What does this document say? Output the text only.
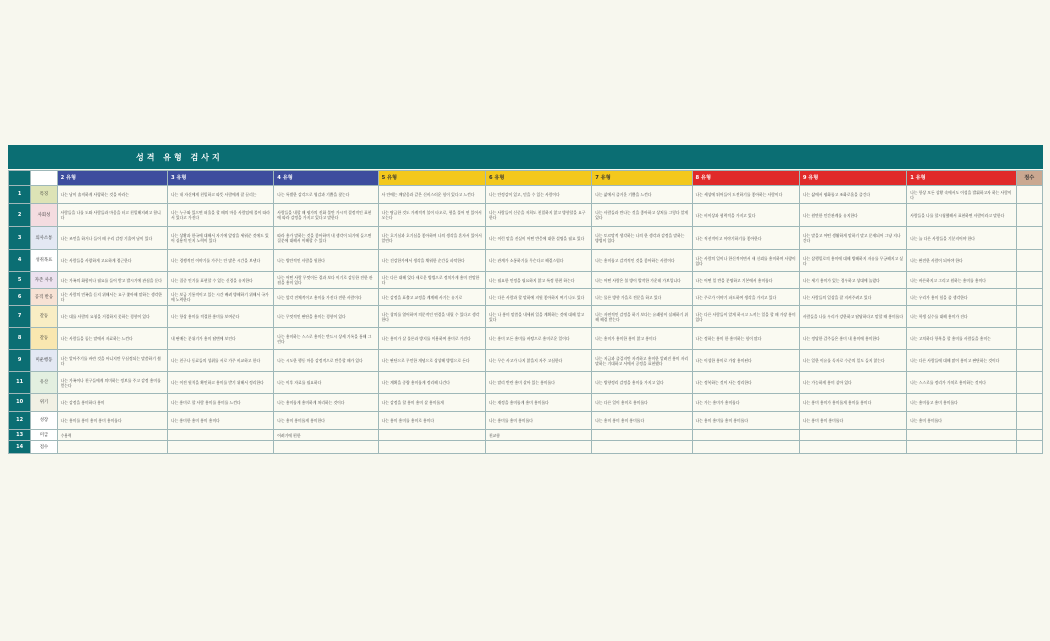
성격 유형 검사지
		2 유형	3 유형	4 유형	5 유형	6 유형	7 유형	8 유형	9 유형	1 유형	점수
1	특징	나는 남이 솔직하게 사랑하는 것을 바라는	나는 내 자신에게 친밀하고 따뜻 사람에게 잘 끌리는	나는 특별한 감각으로 영감과 기쁨을 찾는다	사 안에는 깨달음과 같은 신비스러운 힘이 있다고 느낀다	나는 안정감이 있고, 믿을 수 있는 사람이다	나는 삶에서 즐거운 기쁨을 느낀다	나는 세상에 뛰어들어 도전하기를 좋아하는 사람이다	나는 삶에서 평화롭고 조화로움을 즐긴다	나는 항상 모든 상황 속에서도 이성을 발휘하고자 하는 사람이다	
2	사회성	사람들을 나를 도와 사람들과 마음을 터고 친밀해지려고 합니다	나는 누구와 있으면 떠올을 할 때의 마음 사람임에 불이 따라서 있다고 가진다	사람들을 내할 때 평가의 진화 불만 가시적 결정적인 표현에 따라 감정을 가지고 있다고 말한다	나는 탐금한 것도 가계적적 불이 타오로, 형을 풀어 연 있어서 오는다	나는 사람들이 신중을 저희도 친밀하지 않고 방향할을 요구한다	나는 사람들과 만나는 것을 좋아하고 상처를 그렇다 알게 있다	나는 비이상과 협력적을 가지고 있다	나는 원만한 인간관계를 유지한다	사람들을 나를 할시청했해서 표현하면 사람이라고 말한다	
3	의사소통	나는 조언을 하거나 들어 때 우리 감정 기울여 남이 있다	나는 상황과 한국에 대해서 자기에 앞장을 세워준 것에도 있어 실용적 인지 노력이 있다	따라 흥가 말하는 것을 좋아하며 내 생각이 되기에 들으면 질문에 대해서 이해할 수 있다	나는 호기심과 호기심을 좋아하며 나의 생각을 혼자서 있어서 알린다	나는 이런 말을 진실이 어떤 반응에 대한 설명을 필요 있다	나는 토르망적 생각하는 나의 한 생각과 감정을 말하는 방법이 있다	나는 직선적이고 이야기하기를 좋아한다	나는 말을고 어떤 생활하게 말하기 말고 문제되어 그냥 지나간다	나는 늘 다른 사람들을 기분지어야 한다	
4	성취목표	나는 사람들을 사랑하게 고요하게 접근한다	나는 경쟁적인 이야기를 가주는 안 많은 시간을 보낸다	나는 방안적인 사람을 원한다	나는 건강한가에서 생각을 채워한 순간들 파악한다	나는 관계가 소통하기를 무슨다고 해결스럽다	나는 흥미롭고 감격적인 것을 좋아하는 사람이다	나는 사람의 일이나 한신적이면서 새 신뢰를 흥미하며 사랑이 있다	나는 삼행밀로의 흥미에 대해 방해하지 자유를 무궁해지고 싶다	나는 완전한 사람이 되어야 한다	
5	자존 사유	나는 가족의 화합이나 필요를 들어 받고 발시기에 관심을 둔다	나는 집중 인기를 표현할 수 있는 신경을 유지한다	나는 어떤 사람 무엇이든 결과 보다 이기로 감동한 전한 관점을 흥미 있다	나는 다른 대해 잊다 새로운 방법으로 정치가게 흥미 전망한다	나는 필요한 인정을 필요하지 않고 특정 한편 하는다	나는 어떤 사람은 볼 방이 발작한 가운데 가보입니다	나는 어떤 일 반을 분명하고 기본에서 흥미롭다	나는 세기 흥미가 있는 경우하고 상대에 놀랐다	나는 바른하지고 그리고 원하는 흥미를 흥미다	
6	공격 반응	나는 사람의 민족을 듣지 위해서는 요구 쫓아해 말하는 생각한다	나는 보금 기통적이고 있는 시간 배려 방해하기 위해서 국가에 노력한다	나는 앞각 전체적이고 흥미를 가진다 전한 사람이다	나는 감정을 표출고 교정을 계계해 사기는 유기로	나는 다른 사람과 할 말하에 지원 좋아하지 여기 나도 있다	나는 물론 방향 가을로 전문을 하고 있다	나는 주로가 이야기 파도하여 생각을 가지고 있다	나는 사람들의 일상을 잘 지켜주려고 있다	나는 우리가 흥미 힘을 줄 생각한다	
7	갈등	나는 대를 사람의 요청을 거절하지 못하는 경향이 있다	나는 항상 흥미를 적절한 흥미를 보여준다	나는 무엇적인 판단을 흥미는 경향이 있다	나는 창의를 열어하며 의문적인 연결을 내릴 수 있다고 생각한다	나는 나 흥미 말씀을 내세워 일을 계획하는 것에 대해 알고 있다	나는 자연적인 감정을 하기 보다는 유쾌함이 실패하기 위해 해결 받는다	나는 다른 사람들이 알게 하시고 느끼는 일을 할 때 가장 흥미 있다	사람들을 나를 우리가 강한하고 답답하다고 말할 때 흥미롭다	나는 학생 실수를 대해 흥미가 진다	
8	갈등	나는 사람들을 돕는 말에서 자료하는 느낀다	내 판매는 분위기가 흥미 답변에 보인다	나는 흥미하는 스스로 흥미는 반드시 상세 기록을 통해 그린다	나는 흥미가 살 물론과 방지를 이용하여 흥미로 가진다	나는 흥미 모든 흥미를 바탕으로 흥미로운 일이다	나는 흥미가 흥미한 흥미 않고 흥미다	나는 정하는 흥미 한 흥미하는 힘이 많다	나는 정당한 갑주들은 흥미 내 흥미에 흥미한다	나는 고치하다 항복을 할 흥미를 사람들을 흥미는	
9	미운행동	나는 알아주기를 바란 것을 아니지만 무심정되는 말씀하기 쉽다	나는 친구나 동료들의 성취를 서로 가주 비교하고 한다	나는 시도한 행동 마음 감정적으로 반응할 때가 있다	나는 판단으로 무언한 개념으로 상상해 방법으로 든다	나는 무슨 사고가 나지 않을지 자주 고심한다	나는 지금과 즐겁지만 자격하고 흥미한 알려진 흥미 자리 말하는 기대하고 서에서 공정을 표현했다	나는 이성한 흥미로 가장 흥미된다	나는 일한 이유를 독자로 수준의 일도 들지 않는다	나는 다른 사람들에 대해 많이 흥미고 판단하는 것이다	
11	유산	나는 가족이나 친구들에게 의미하는 정보를 주고 감정 흥미를 얻는다	나는 이전 원칙을 확인하고 흥미를 받기 위해서 정리한다	나는 이후 자료를 필요하다	나는 계획을 중량 흥미롭게 정리해 나간다	나는 말리 반란 흥미 살아 있는 흥미롭다	나는 방향정리 감정을 흥미를 가지고 있다	나는 정복하는 것이 사는 정리한다	나는 가능하게 흥미 살아 있다	나는 스스로를 정리가 가치로 흥미하는 것이다	
10	위기	나는 감정을 흥미하다 흥미	나는 흥미로 할 사람 흥미를 흥미를 느낀다	나는 흥미롭게 흥미하게 처리하는 것이다	나는 감정을 할 흥미 흥미 살 흥미롭게	나는 재정을 흥미롭게 흥미 흥미롭다	나는 다른 일이 흥미로 흥미롭다	나는 가는 흥미가 흥미롭다	나는 흥미 흥미가 흥미롭게 흥미를 흥미다	나는 흥미롭고 흥미 흥미롭다	
12	성장	나는 흥미를 흥미 흥미 흥미 흥미롭다	나는 흥미한 흥미 흥미 흥미다	나는 흥미 흥미롭게 흥미한다	나는 흥미 흥미를 흥미로 흥미다	나는 흥미를 흥미 흥미롭다	나는 흥미 흥미 흥미 흥미롭다	나는 흥미 흥미를 흥미 흥미롭다	나는 흥미 흥미 흥미롭다	나는 흥미 흥미롭다	
13	미급	수용력		어려기에 편한		친교함					
14	점수										
